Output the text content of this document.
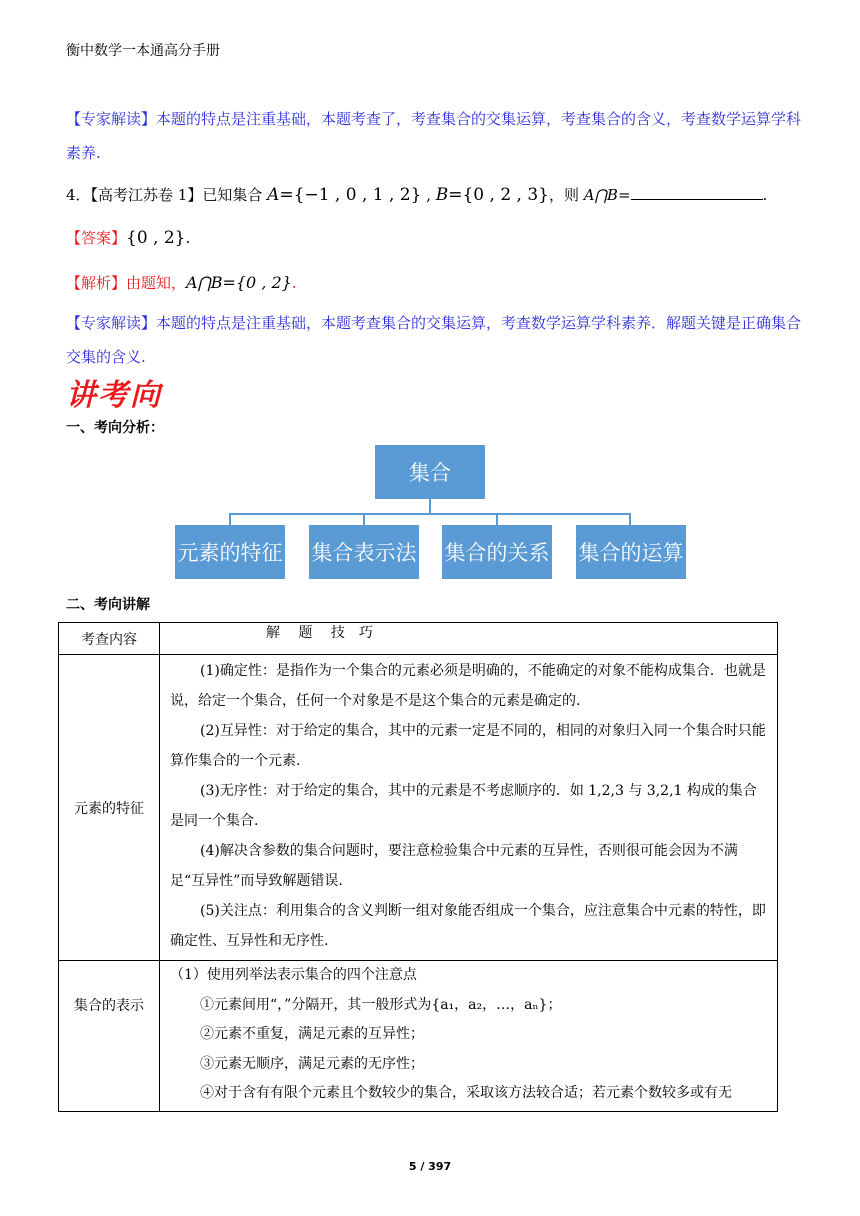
衡中数学一本通高分手册
【专家解读】本题的特点是注重基础，本题考查了，考查集合的交集运算，考查集合的含义，考查数学运算学科素养.
4．【高考江苏卷 1】已知集合 A={−1 , 0 , 1 , 2} , B={0 , 2 , 3}，则 A⋂B=	.
【答案】{0 , 2}.
【解析】由题知，A⋂B={0 , 2}.
【专家解读】本题的特点是注重基础，本题考查集合的交集运算，考查数学运算学科素养．解题关键是正确集合交集的含义.
讲考向
一、考向分析：
集合
元素的特征 集合表示法 集合的关系 集合的运算
二、考向讲解
考查内容	解　 题　 技　巧
元素的特征	(1)确定性：是指作为一个集合的元素必须是明确的，不能确定的对象不能构成集合．也就是说，给定一个集合，任何一个对象是不是这个集合的元素是确定的.
(2)互异性：对于给定的集合，其中的元素一定是不同的，相同的对象归入同一个集合时只能算作集合的一个元素.
(3)无序性：对于给定的集合，其中的元素是不考虑顺序的．如 1,2,3 与 3,2,1 构成的集合是同一个集合.
(4)解决含参数的集合问题时，要注意检验集合中元素的互异性，否则很可能会因为不满足“互异性”而导致解题错误.
(5)关注点：利用集合的含义判断一组对象能否组成一个集合，应注意集合中元素的特性，即确定性、互异性和无序性.

集合的表示	（1）使用列举法表示集合的四个注意点
①元素间用“，”分隔开，其一般形式为{a₁，a₂，…，aₙ}；
②元素不重复，满足元素的互异性；
③元素无顺序，满足元素的无序性；
④对于含有有限个元素且个数较少的集合，采取该方法较合适；若元素个数较多或有无
5 / 397
